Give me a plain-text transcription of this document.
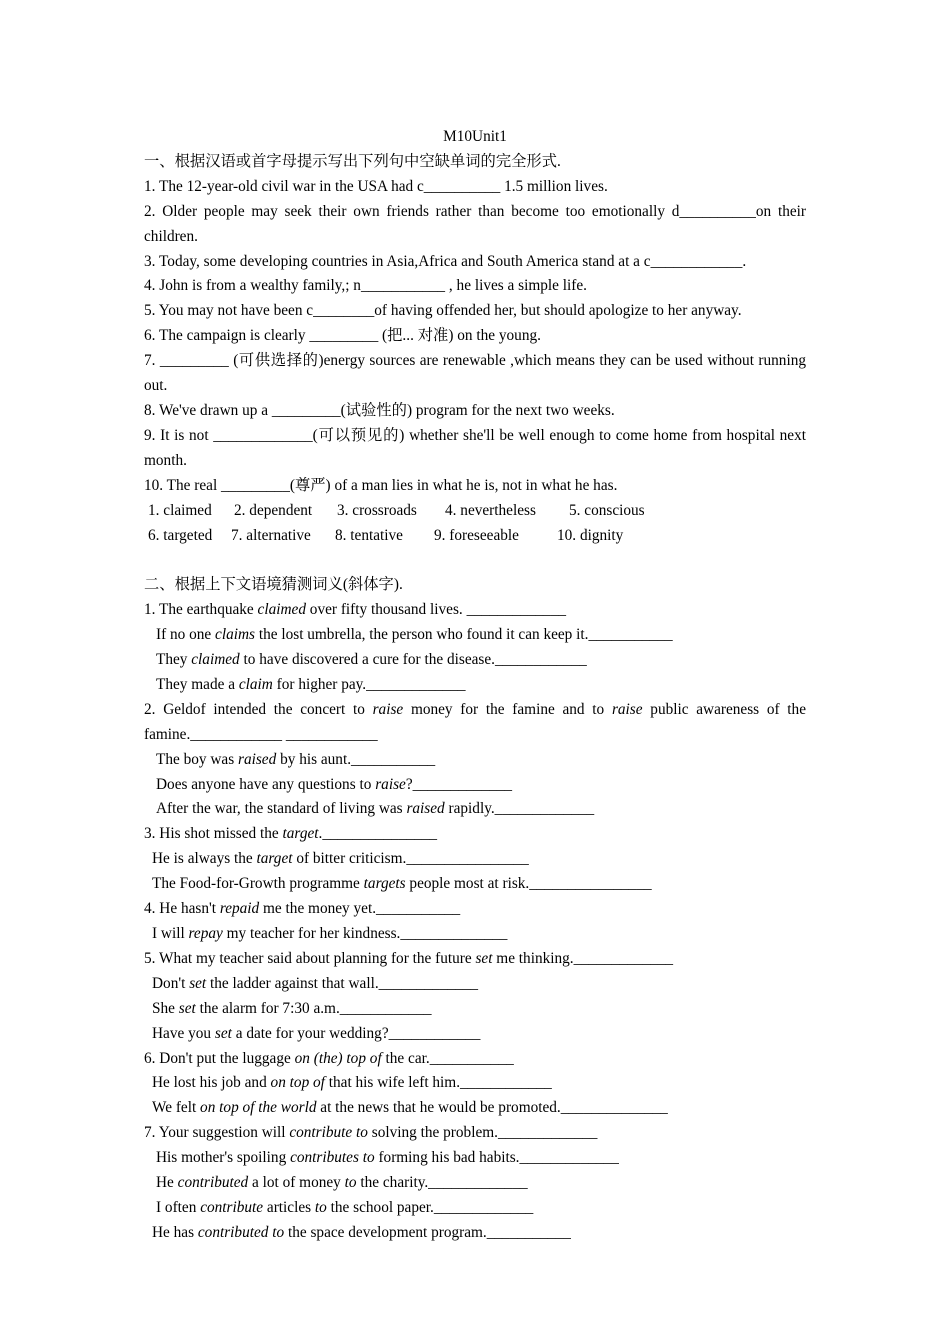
M10Unit1
一、根据汉语或首字母提示写出下列句中空缺单词的完全形式.
1. The 12-year-old civil war in the USA had c__________ 1.5 million lives.
2. Older people may seek their own friends rather than become too emotionally d__________on their children.
3. Today, some developing countries in Asia,Africa and South America stand at a c____________.
4. John is from a wealthy family,; n___________ , he lives a simple life.
5. You may not have been c________of having offended her, but should apologize to her anyway.
6. The campaign is clearly _________ (把... 对准) on the young.
7. _________ (可供选择的)energy sources are renewable ,which means they can be used without running out.
8. We've drawn up a _________(试验性的) program for the next two weeks.
9. It is not _____________(可以预见的) whether she'll be well enough to come home from hospital next month.
10. The real _________(尊严) of a man lies in what he is, not in what he has.
1. claimed	2. dependent	3. crossroads	4. nevertheless	5. conscious
6. targeted	7. alternative	8. tentative	9. foreseeable	10. dignity
二、根据上下文语境猜测词义(斜体字).
1. The earthquake claimed over fifty thousand lives. _____________
If no one claims the lost umbrella, the person who found it can keep it.___________
They claimed to have discovered a cure for the disease.____________
They made a claim for higher pay._____________
2. Geldof intended the concert to raise money for the famine and to raise public awareness of the famine.____________ ____________
The boy was raised by his aunt.___________
Does anyone have any questions to raise?_____________
After the war, the standard of living was raised rapidly._____________
3. His shot missed the target._______________
He is always the target of bitter criticism.________________
The Food-for-Growth programme targets people most at risk.________________
4. He hasn't repaid me the money yet.___________
I will repay my teacher for her kindness.______________
5. What my teacher said about planning for the future set me thinking._____________
Don't set the ladder against that wall._____________
She set the alarm for 7:30 a.m.____________
Have you set a date for your wedding?____________
6. Don't put the luggage on (the) top of the car.___________
He lost his job and on top of that his wife left him.____________
We felt on top of the world at the news that he would be promoted.______________
7. Your suggestion will contribute to solving the problem._____________
His mother's spoiling contributes to forming his bad habits._____________
He contributed a lot of money to the charity._____________
I often contribute articles to the school paper._____________
He has contributed to the space development program.___________
